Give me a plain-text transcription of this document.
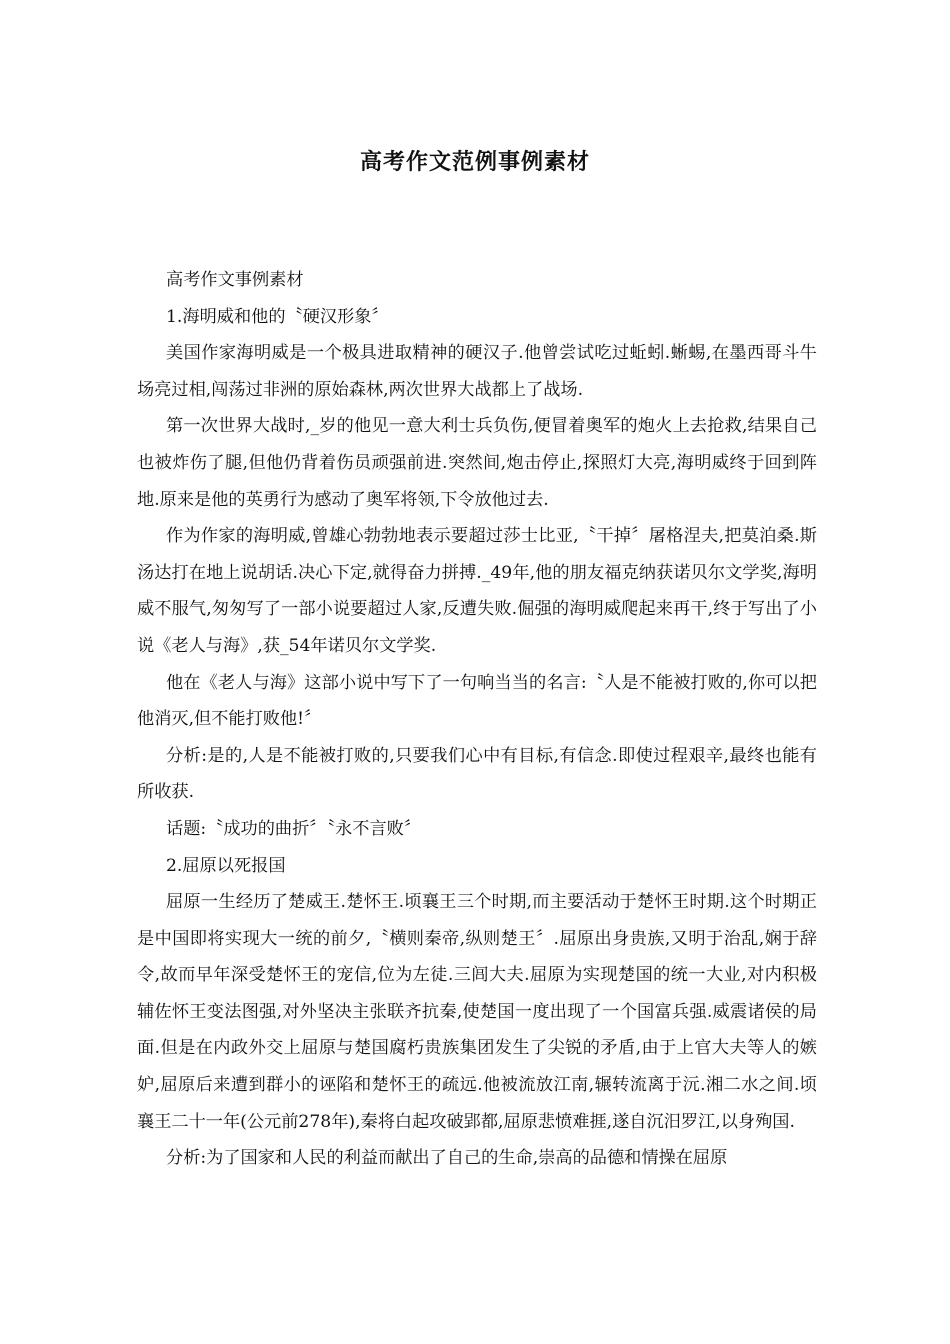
高考作文范例事例素材

高考作文事例素材

1.海明威和他的〝硬汉形象〞

美国作家海明威是一个极具进取精神的硬汉子.他曾尝试吃过蚯蚓.蜥蜴,在墨西哥斗牛场亮过相,闯荡过非洲的原始森林,两次世界大战都上了战场.

第一次世界大战时,_岁的他见一意大利士兵负伤,便冒着奥军的炮火上去抢救,结果自己也被炸伤了腿,但他仍背着伤员顽强前进.突然间,炮击停止,探照灯大亮,海明威终于回到阵地.原来是他的英勇行为感动了奥军将领,下令放他过去.

作为作家的海明威,曾雄心勃勃地表示要超过莎士比亚,〝干掉〞屠格涅夫,把莫泊桑.斯汤达打在地上说胡话.决心下定,就得奋力拼搏._49年,他的朋友福克纳获诺贝尔文学奖,海明威不服气,匆匆写了一部小说要超过人家,反遭失败.倔强的海明威爬起来再干,终于写出了小说《老人与海》,获_54年诺贝尔文学奖.

他在《老人与海》这部小说中写下了一句响当当的名言:〝人是不能被打败的,你可以把他消灭,但不能打败他!〞

分析:是的,人是不能被打败的,只要我们心中有目标,有信念.即使过程艰辛,最终也能有所收获.

话题:〝成功的曲折〞〝永不言败〞

2.屈原以死报国

屈原一生经历了楚威王.楚怀王.顷襄王三个时期,而主要活动于楚怀王时期.这个时期正是中国即将实现大一统的前夕,〝横则秦帝,纵则楚王〞.屈原出身贵族,又明于治乱,娴于辞令,故而早年深受楚怀王的宠信,位为左徒.三闾大夫.屈原为实现楚国的统一大业,对内积极辅佐怀王变法图强,对外坚决主张联齐抗秦,使楚国一度出现了一个国富兵强.威震诸侯的局面.但是在内政外交上屈原与楚国腐朽贵族集团发生了尖锐的矛盾,由于上官大夫等人的嫉妒,屈原后来遭到群小的诬陷和楚怀王的疏远.他被流放江南,辗转流离于沅.湘二水之间.顷襄王二十一年(公元前278年),秦将白起攻破郢都,屈原悲愤难捱,遂自沉汨罗江,以身殉国.

分析:为了国家和人民的利益而献出了自己的生命,崇高的品德和情操在屈原
